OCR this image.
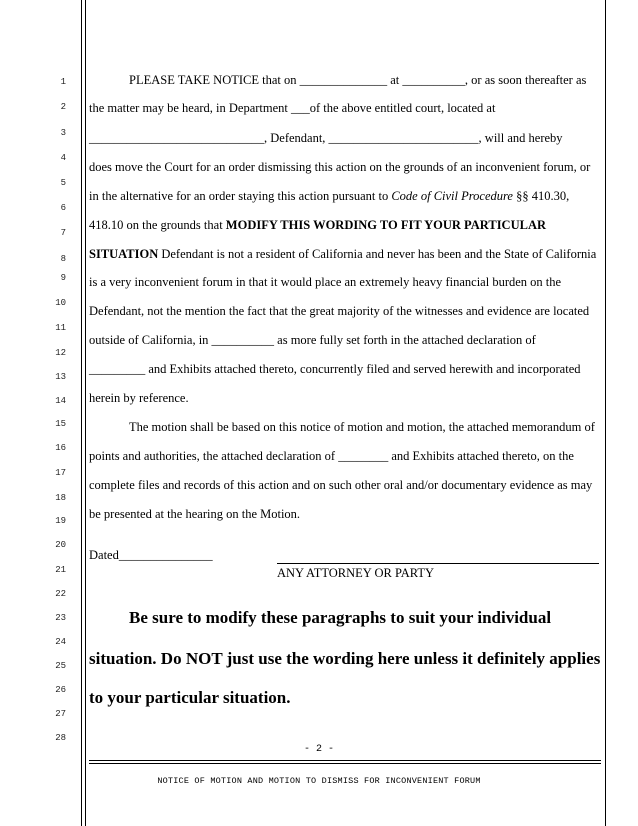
1
2
3
4
5
6
7
8
9
10
11
12
13
14
15
16
17
18
19
20
21
22
23
24
25
26
27
28
PLEASE TAKE NOTICE that on ______________ at __________, or as soon thereafter as
the matter may be heard, in Department ___of the above entitled court, located at
____________________________, Defendant, ________________________, will and hereby
does move the Court for an order dismissing this action on the grounds of an inconvenient forum, or
in the alternative for an order staying this action pursuant to Code of Civil Procedure §§ 410.30,
418.10 on the grounds that MODIFY THIS WORDING TO FIT YOUR PARTICULAR
SITUATION Defendant is not a resident of California and never has been and the State of California
is a very inconvenient forum in that it would place an extremely heavy financial burden on the
Defendant, not the mention the fact that the great majority of the witnesses and evidence are located
outside of California, in __________ as more fully set forth in the attached declaration of
_________ and Exhibits attached thereto, concurrently filed and served herewith and incorporated
herein by reference.
The motion shall be based on this notice of motion and motion, the attached memorandum of
points and authorities, the attached declaration of ________ and Exhibits attached thereto, on the
complete files and records of this action and on such other oral and/or documentary evidence as may
be presented at the hearing on the Motion.
Dated_______________
ANY ATTORNEY OR PARTY
Be sure to modify these paragraphs to suit your individual
situation. Do NOT just use the wording here unless it definitely applies
to your particular situation.
- 2 -
NOTICE OF MOTION AND MOTION TO DISMISS FOR INCONVENIENT FORUM
